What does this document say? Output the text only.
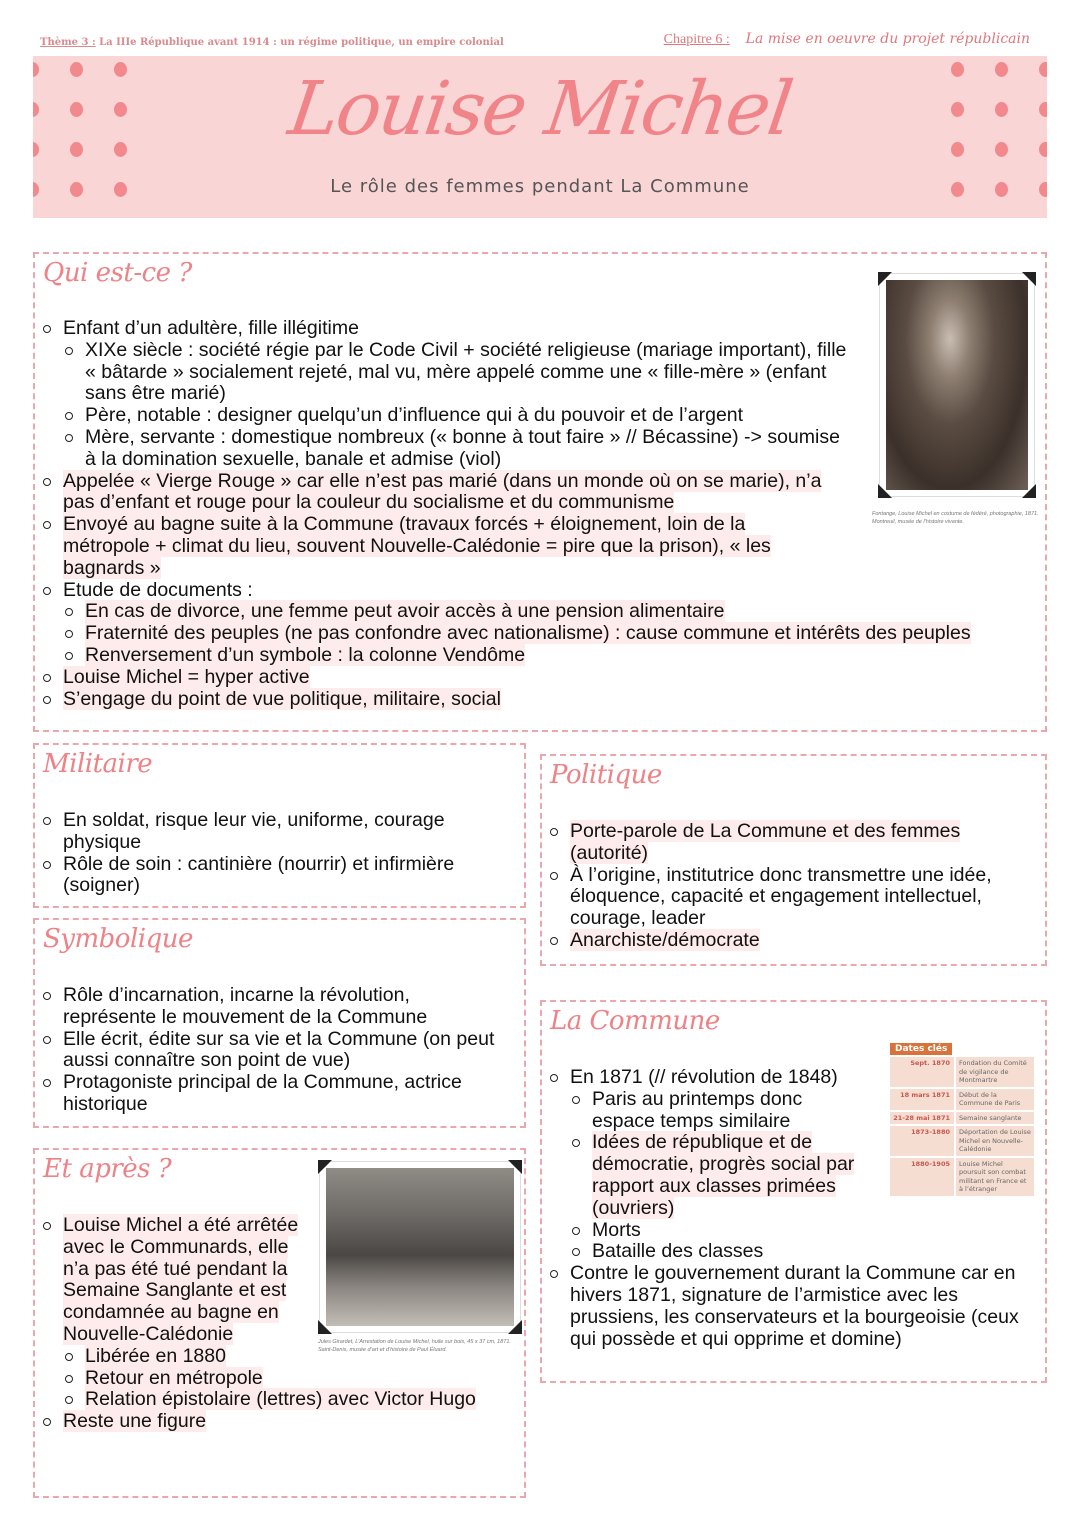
Thème 3 : La IIIe République avant 1914 : un régime politique, un empire colonial	Chapitre 6 : La mise en oeuvre du projet républicain
Louise Michel
Le rôle des femmes pendant La Commune
Qui est-ce ?
Enfant d’un adultère, fille illégitime
XIXe siècle : société régie par le Code Civil + société religieuse (mariage important), fille « bâtarde » socialement rejeté, mal vu, mère appelé comme une « fille-mère » (enfant sans être marié)
Père, notable : designer quelqu’un d’influence qui à du pouvoir et de l’argent
Mère, servante : domestique nombreux (« bonne à tout faire » // Bécassine) -> soumise à la domination sexuelle, banale et admise (viol)
Appelée « Vierge Rouge » car elle n’est pas marié (dans un monde où on se marie), n’a pas d’enfant et rouge pour la couleur du socialisme et du communisme
Envoyé au bagne suite à la Commune (travaux forcés + éloignement, loin de la métropole + climat du lieu, souvent Nouvelle-Calédonie = pire que la prison), « les bagnards »
Etude de documents :
En cas de divorce, une femme peut avoir accès à une pension alimentaire
Fraternité des peuples (ne pas confondre avec nationalisme) : cause commune et intérêts des peuples
Renversement d’un symbole : la colonne Vendôme
Louise Michel = hyper active
S’engage du point de vue politique, militaire, social
Fontange, Louise Michel en costume de fédéré, photographie, 1871. Montreuil, musée de l’histoire vivante.
Militaire
En soldat, risque leur vie, uniforme, courage physique
Rôle de soin : cantinière (nourrir) et infirmière (soigner)
Symbolique
Rôle d’incarnation, incarne la révolution, représente le mouvement de la Commune
Elle écrit, édite sur sa vie et la Commune (on peut aussi connaître son point de vue)
Protagoniste principal de la Commune, actrice historique
Et après ?
Louise Michel a été arrêtée avec le Communards, elle n’a pas été tué pendant la Semaine Sanglante et est condamnée au bagne en Nouvelle-Calédonie
Libérée en 1880
Retour en métropole
Relation épistolaire (lettres) avec Victor Hugo
Reste une figure
Jules Girardet, L’Arrestation de Louise Michel, huile sur bois, 45 x 37 cm, 1871. Saint-Denis, musée d’art et d’histoire de Paul Éluard.
Politique
Porte-parole de La Commune et des femmes (autorité)
À l’origine, institutrice donc transmettre une idée, éloquence, capacité et engagement intellectuel, courage, leader
Anarchiste/démocrate
La Commune
En 1871 (// révolution de 1848)
Paris au printemps donc espace temps similaire
Idées de république et de démocratie, progrès social par rapport aux classes primées (ouvriers)
Morts
Bataille des classes
Contre le gouvernement durant la Commune car en hivers 1871, signature de l’armistice avec les prussiens, les conservateurs et la bourgeoisie (ceux qui possède et qui opprime et domine)
Dates clés
Sept. 1870	Fondation du Comité de vigilance de Montmartre
18 mars 1871	Début de la Commune de Paris
21-28 mai 1871	Semaine sanglante
1873-1880	Déportation de Louise Michel en Nouvelle-Calédonie
1880-1905	Louise Michel poursuit son combat militant en France et à l’étranger
